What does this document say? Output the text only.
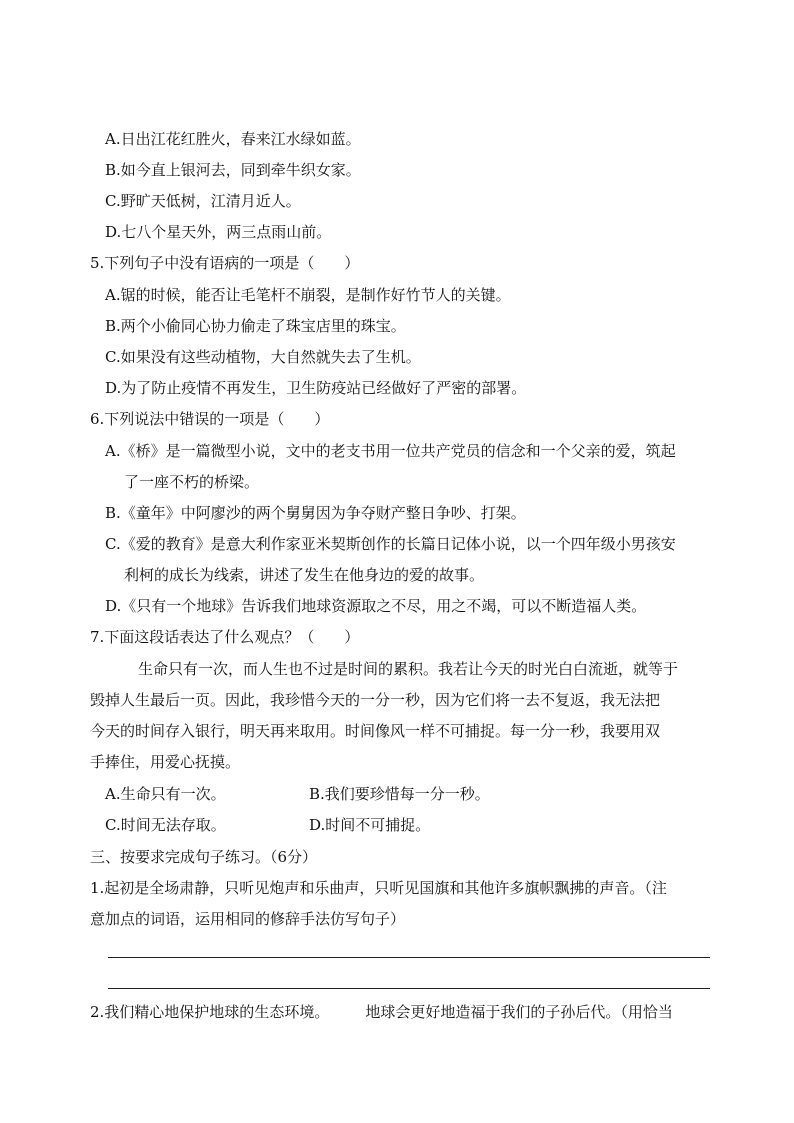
A.日出江花红胜火，春来江水绿如蓝。
B.如今直上银河去，同到牵牛织女家。
C.野旷天低树，江清月近人。
D.七八个星天外，两三点雨山前。
5.下列句子中没有语病的一项是（　　）
A.锯的时候，能否让毛笔杆不崩裂，是制作好竹节人的关键。
B.两个小偷同心协力偷走了珠宝店里的珠宝。
C.如果没有这些动植物，大自然就失去了生机。
D.为了防止疫情不再发生，卫生防疫站已经做好了严密的部署。
6.下列说法中错误的一项是（　　）
A.《桥》是一篇微型小说，文中的老支书用一位共产党员的信念和一个父亲的爱，筑起
了一座不朽的桥梁。
B.《童年》中阿廖沙的两个舅舅因为争夺财产整日争吵、打架。
C.《爱的教育》是意大利作家亚米契斯创作的长篇日记体小说，以一个四年级小男孩安
利柯的成长为线索，讲述了发生在他身边的爱的故事。
D.《只有一个地球》告诉我们地球资源取之不尽，用之不竭，可以不断造福人类。
7.下面这段话表达了什么观点？（　　）
生命只有一次，而人生也不过是时间的累积。我若让今天的时光白白流逝，就等于
毁掉人生最后一页。因此，我珍惜今天的一分一秒，因为它们将一去不复返，我无法把
今天的时间存入银行，明天再来取用。时间像风一样不可捕捉。每一分一秒，我要用双
手捧住，用爱心抚摸。
A.生命只有一次。	B.我们要珍惜每一分一秒。
C.时间无法存取。	D.时间不可捕捉。
三、按要求完成句子练习。（6分）
1.起初是全场肃静，只听见炮声和乐曲声，只听见国旗和其他许多旗帜飘拂的声音。（注
意加点的词语，运用相同的修辞手法仿写句子）
2.我们精心地保护地球的生态环境。 地球会更好地造福于我们的子孙后代。（用恰当
